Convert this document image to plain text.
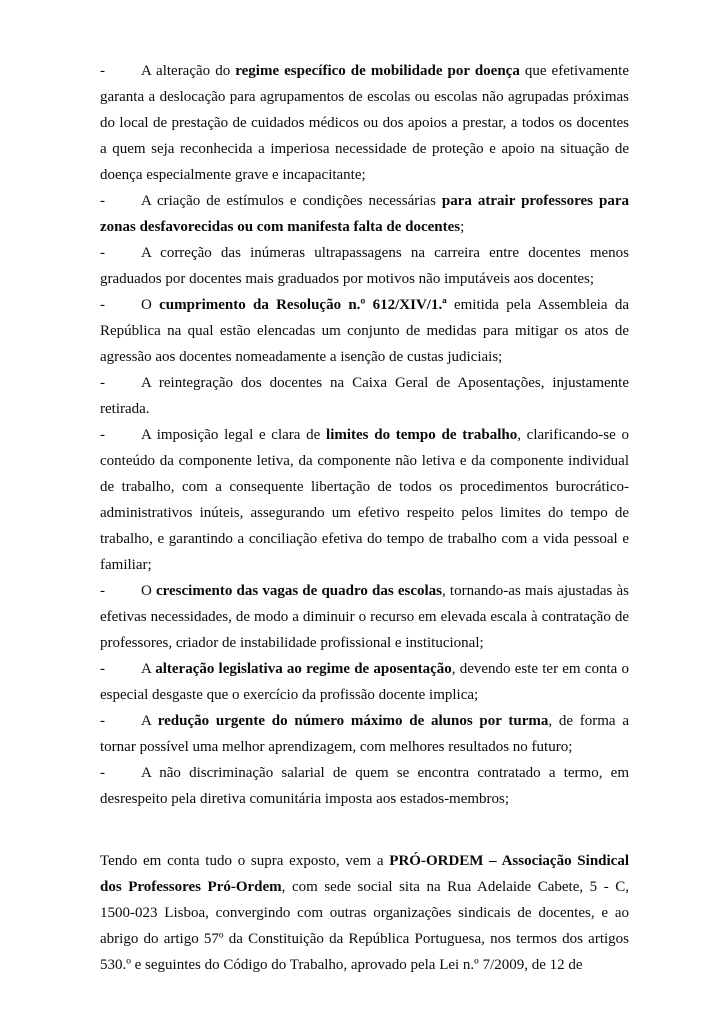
- A alteração do regime específico de mobilidade por doença que efetivamente garanta a deslocação para agrupamentos de escolas ou escolas não agrupadas próximas do local de prestação de cuidados médicos ou dos apoios a prestar, a todos os docentes a quem seja reconhecida a imperiosa necessidade de proteção e apoio na situação de doença especialmente grave e incapacitante;

- A criação de estímulos e condições necessárias para atrair professores para zonas desfavorecidas ou com manifesta falta de docentes;

- A correção das inúmeras ultrapassagens na carreira entre docentes menos graduados por docentes mais graduados por motivos não imputáveis aos docentes;

- O cumprimento da Resolução n.º 612/XIV/1.ª emitida pela Assembleia da República na qual estão elencadas um conjunto de medidas para mitigar os atos de agressão aos docentes nomeadamente a isenção de custas judiciais;

- A reintegração dos docentes na Caixa Geral de Aposentações, injustamente retirada.

- A imposição legal e clara de limites do tempo de trabalho, clarificando-se o conteúdo da componente letiva, da componente não letiva e da componente individual de trabalho, com a consequente libertação de todos os procedimentos burocrático-administrativos inúteis, assegurando um efetivo respeito pelos limites do tempo de trabalho, e garantindo a conciliação efetiva do tempo de trabalho com a vida pessoal e familiar;

- O crescimento das vagas de quadro das escolas, tornando-as mais ajustadas às efetivas necessidades, de modo a diminuir o recurso em elevada escala à contratação de professores, criador de instabilidade profissional e institucional;

- A alteração legislativa ao regime de aposentação, devendo este ter em conta o especial desgaste que o exercício da profissão docente implica;

- A redução urgente do número máximo de alunos por turma, de forma a tornar possível uma melhor aprendizagem, com melhores resultados no futuro;

- A não discriminação salarial de quem se encontra contratado a termo, em desrespeito pela diretiva comunitária imposta aos estados-membros;

Tendo em conta tudo o supra exposto, vem a PRÓ-ORDEM – Associação Sindical dos Professores Pró-Ordem, com sede social sita na Rua Adelaide Cabete, 5 - C, 1500-023 Lisboa, convergindo com outras organizações sindicais de docentes, e ao abrigo do artigo 57º da Constituição da República Portuguesa, nos termos dos artigos 530.º e seguintes do Código do Trabalho, aprovado pela Lei n.º 7/2009, de 12 de
